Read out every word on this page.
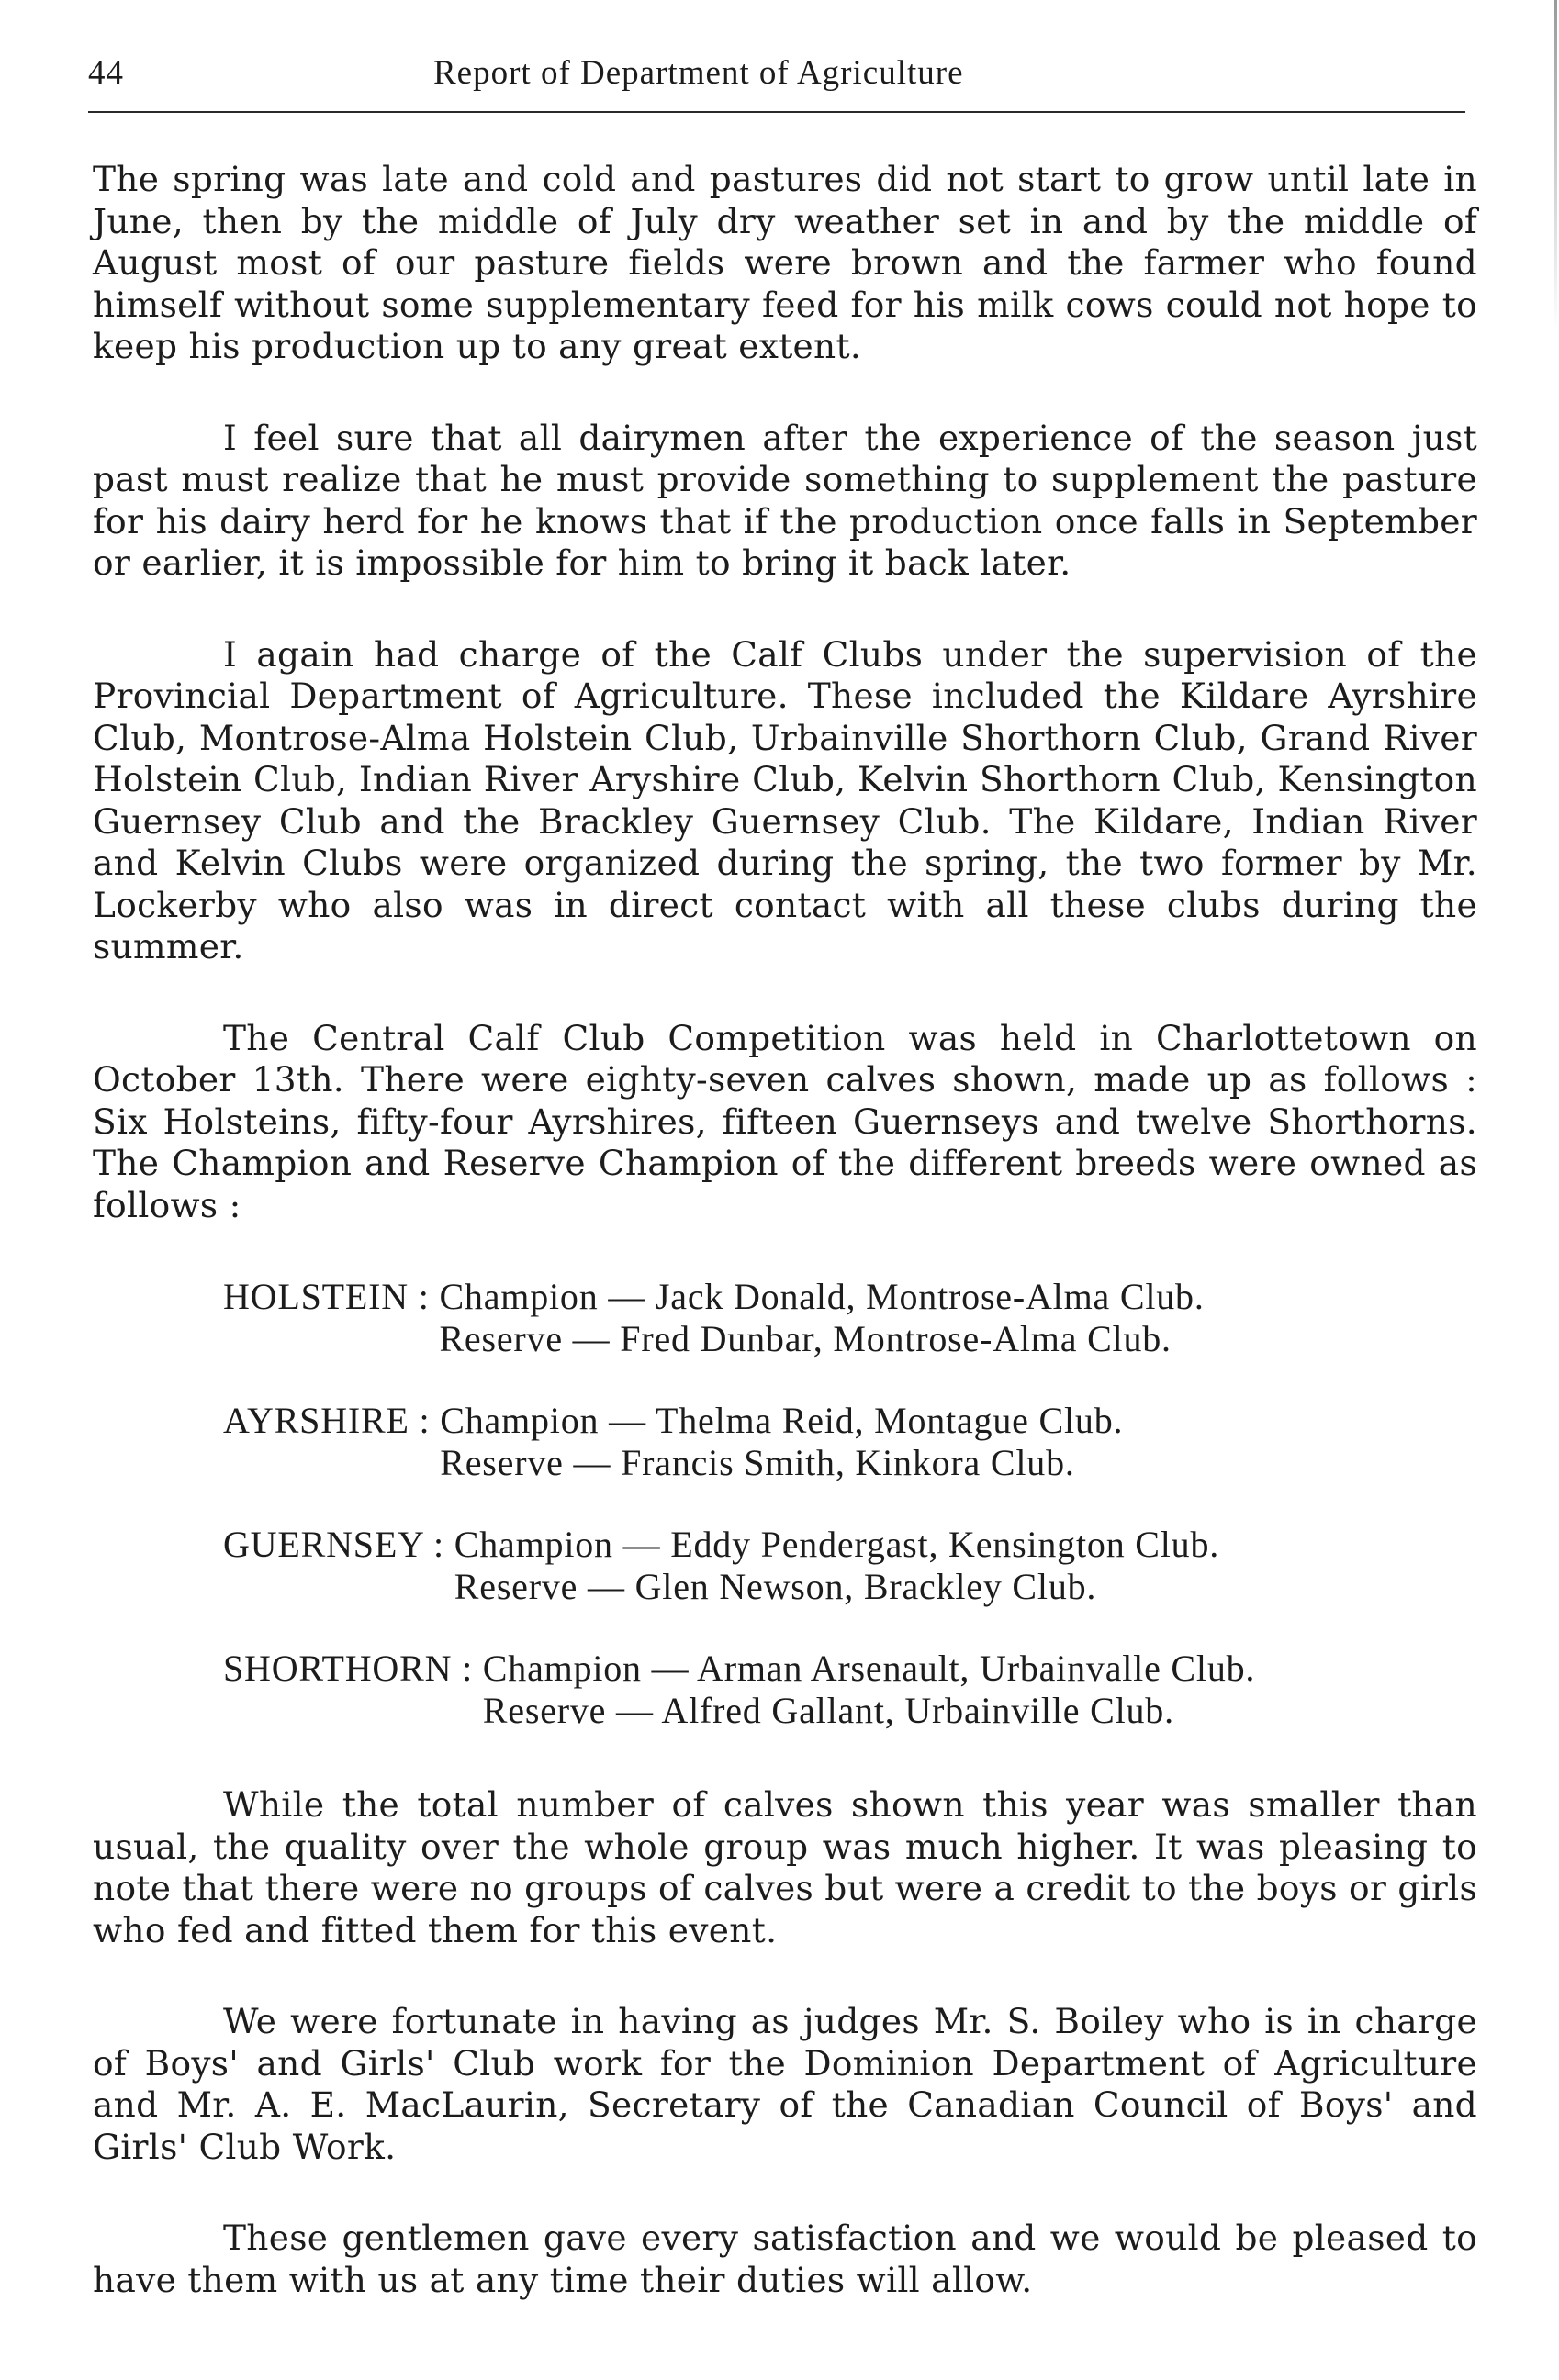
44	Report of Department of Agriculture

The spring was late and cold and pastures did not start to grow until late in June, then by the middle of July dry weather set in and by the middle of August most of our pasture fields were brown and the farmer who found himself without some supplementary feed for his milk cows could not hope to keep his production up to any great extent.

I feel sure that all dairymen after the experience of the season just past must realize that he must provide something to supplement the pasture for his dairy herd for he knows that if the production once falls in September or earlier, it is impossible for him to bring it back later.

I again had charge of the Calf Clubs under the supervision of the Provincial Department of Agriculture. These included the Kildare Ayrshire Club, Montrose-Alma Holstein Club, Urbainville Shorthorn Club, Grand River Holstein Club, Indian River Aryshire Club, Kelvin Shorthorn Club, Kensington Guernsey Club and the Brackley Guernsey Club. The Kildare, Indian River and Kelvin Clubs were organized during the spring, the two former by Mr. Lockerby who also was in direct contact with all these clubs during the summer.

The Central Calf Club Competition was held in Charlottetown on October 13th. There were eighty-seven calves shown, made up as follows : Six Holsteins, fifty-four Ayrshires, fifteen Guernseys and twelve Shorthorns. The Champion and Reserve Champion of the different breeds were owned as follows :

HOLSTEIN : Champion — Jack Donald, Montrose-Alma Club.
Reserve — Fred Dunbar, Montrose-Alma Club.
AYRSHIRE : Champion — Thelma Reid, Montague Club.
Reserve — Francis Smith, Kinkora Club.
GUERNSEY : Champion — Eddy Pendergast, Kensington Club.
Reserve — Glen Newson, Brackley Club.
SHORTHORN : Champion — Arman Arsenault, Urbainvalle Club.
Reserve — Alfred Gallant, Urbainville Club.

While the total number of calves shown this year was smaller than usual, the quality over the whole group was much higher. It was pleasing to note that there were no groups of calves but were a credit to the boys or girls who fed and fitted them for this event.

We were fortunate in having as judges Mr. S. Boiley who is in charge of Boys' and Girls' Club work for the Dominion Department of Agriculture and Mr. A. E. MacLaurin, Secretary of the Canadian Council of Boys' and Girls' Club Work.

These gentlemen gave every satisfaction and we would be pleased to have them with us at any time their duties will allow.
